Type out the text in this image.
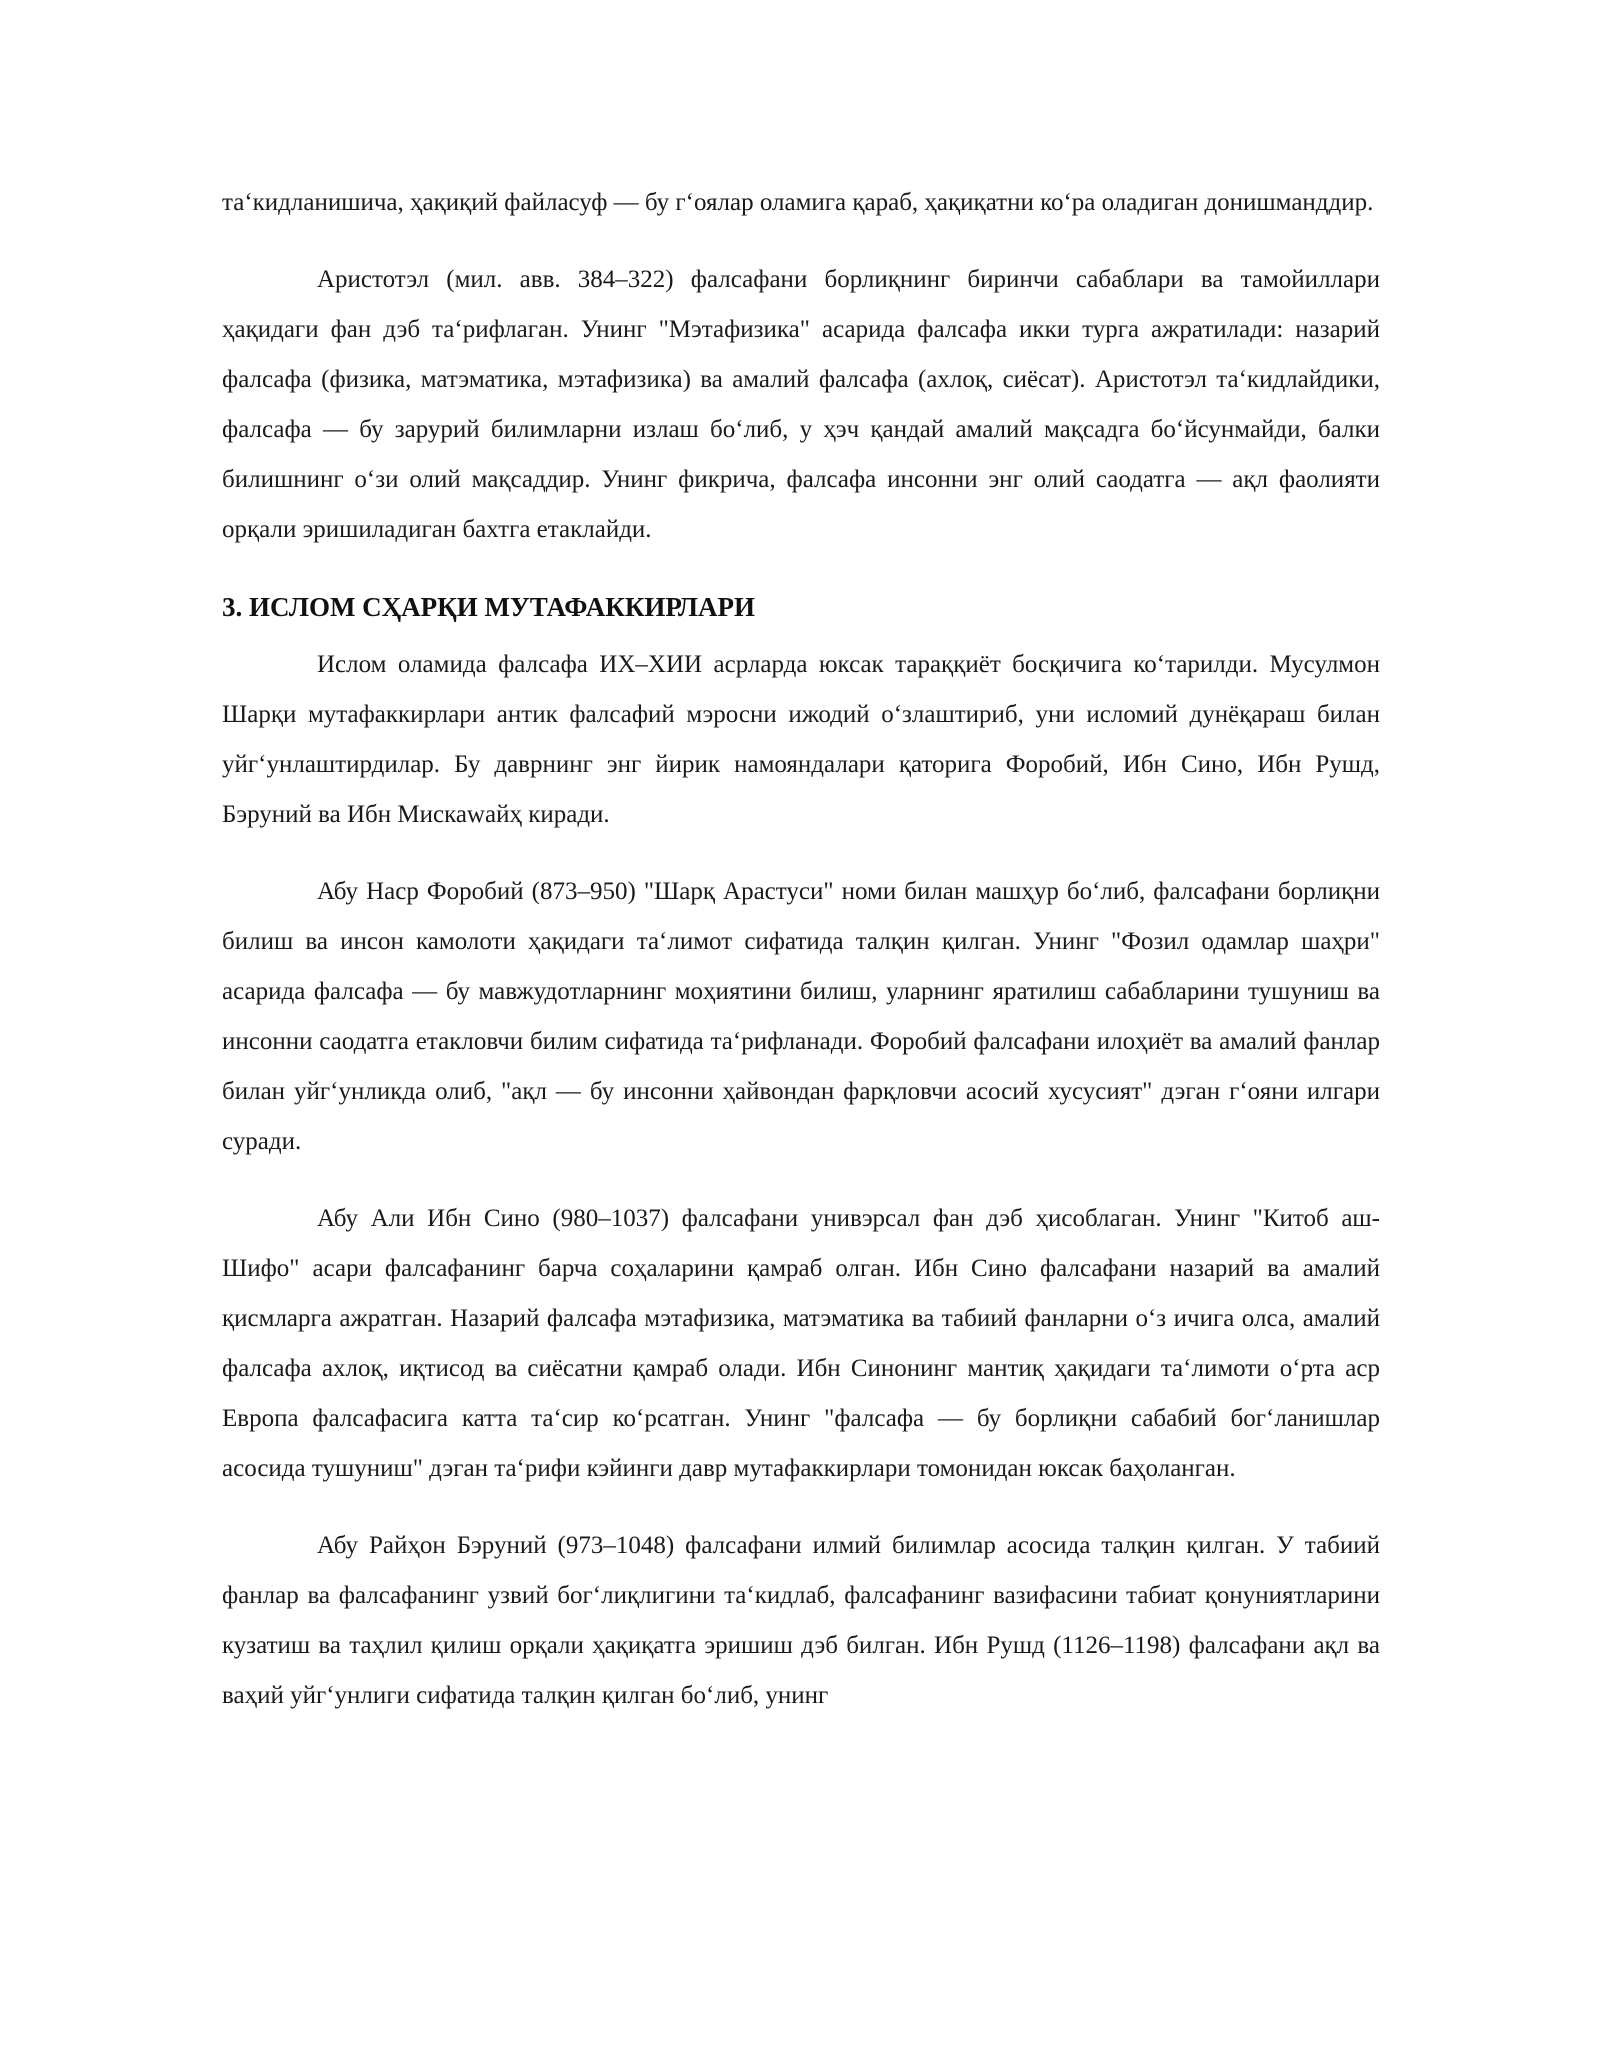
таʻкидланишича, ҳақиқий файласуф — бу гʻоялар оламига қараб, ҳақиқатни коʻра оладиган донишманддир.

Аристотэл (мил. авв. 384–322) фалсафани борлиқнинг биринчи сабаблари ва тамойиллари ҳақидаги фан дэб таʻрифлаган. Унинг "Мэтафизика" асарида фалсафа икки турга ажратилади: назарий фалсафа (физика, матэматика, мэтафизика) ва амалий фалсафа (ахлоқ, сиёсат). Аристотэл таʻкидлайдики, фалсафа — бу зарурий билимларни излаш боʻлиб, у ҳэч қандай амалий мақсадга боʻйсунмайди, балки билишнинг оʻзи олий мақсаддир. Унинг фикрича, фалсафа инсонни энг олий саодатга — ақл фаолияти орқали эришиладиган бахтга етаклайди.

3. ИСЛОМ СҲАРҚИ МУТАФАККИРЛАРИ

Ислом оламида фалсафа ИХ–ХИИ асрларда юксак тараққиёт босқичига коʻтарилди. Мусулмон Шарқи мутафаккирлари антик фалсафий мэросни ижодий оʻзлаштириб, уни исломий дунёқараш билан уйгʻунлаштирдилар. Бу даврнинг энг йирик намояндалари қаторига Форобий, Ибн Сино, Ибн Рушд, Бэруний ва Ибн Мискаwайҳ киради.

Абу Наср Форобий (873–950) "Шарқ Арастуси" номи билан машҳур боʻлиб, фалсафани борлиқни билиш ва инсон камолоти ҳақидаги таʻлимот сифатида талқин қилган. Унинг "Фозил одамлар шаҳри" асарида фалсафа — бу мавжудотларнинг моҳиятини билиш, уларнинг яратилиш сабабларини тушуниш ва инсонни саодатга етакловчи билим сифатида таʻрифланади. Форобий фалсафани илоҳиёт ва амалий фанлар билан уйгʻунликда олиб, "ақл — бу инсонни ҳайвондан фарқловчи асосий хусусият" дэган гʻояни илгари суради.

Абу Али Ибн Сино (980–1037) фалсафани унивэрсал фан дэб ҳисоблаган. Унинг "Китоб аш-Шифо" асари фалсафанинг барча соҳаларини қамраб олган. Ибн Сино фалсафани назарий ва амалий қисмларга ажратган. Назарий фалсафа мэтафизика, матэматика ва табиий фанларни оʻз ичига олса, амалий фалсафа ахлоқ, иқтисод ва сиёсатни қамраб олади. Ибн Синонинг мантиқ ҳақидаги таʻлимоти оʻрта аср Европа фалсафасига катта таʻсир коʻрсатган. Унинг "фалсафа — бу борлиқни сабабий богʻланишлар асосида тушуниш" дэган таʻрифи кэйинги давр мутафаккирлари томонидан юксак баҳоланган.

Абу Райҳон Бэруний (973–1048) фалсафани илмий билимлар асосида талқин қилган. У табиий фанлар ва фалсафанинг узвий богʻлиқлигини таʻкидлаб, фалсафанинг вазифасини табиат қонуниятларини кузатиш ва таҳлил қилиш орқали ҳақиқатга эришиш дэб билган. Ибн Рушд (1126–1198) фалсафани ақл ва ваҳий уйгʻунлиги сифатида талқин қилган боʻлиб, унинг
